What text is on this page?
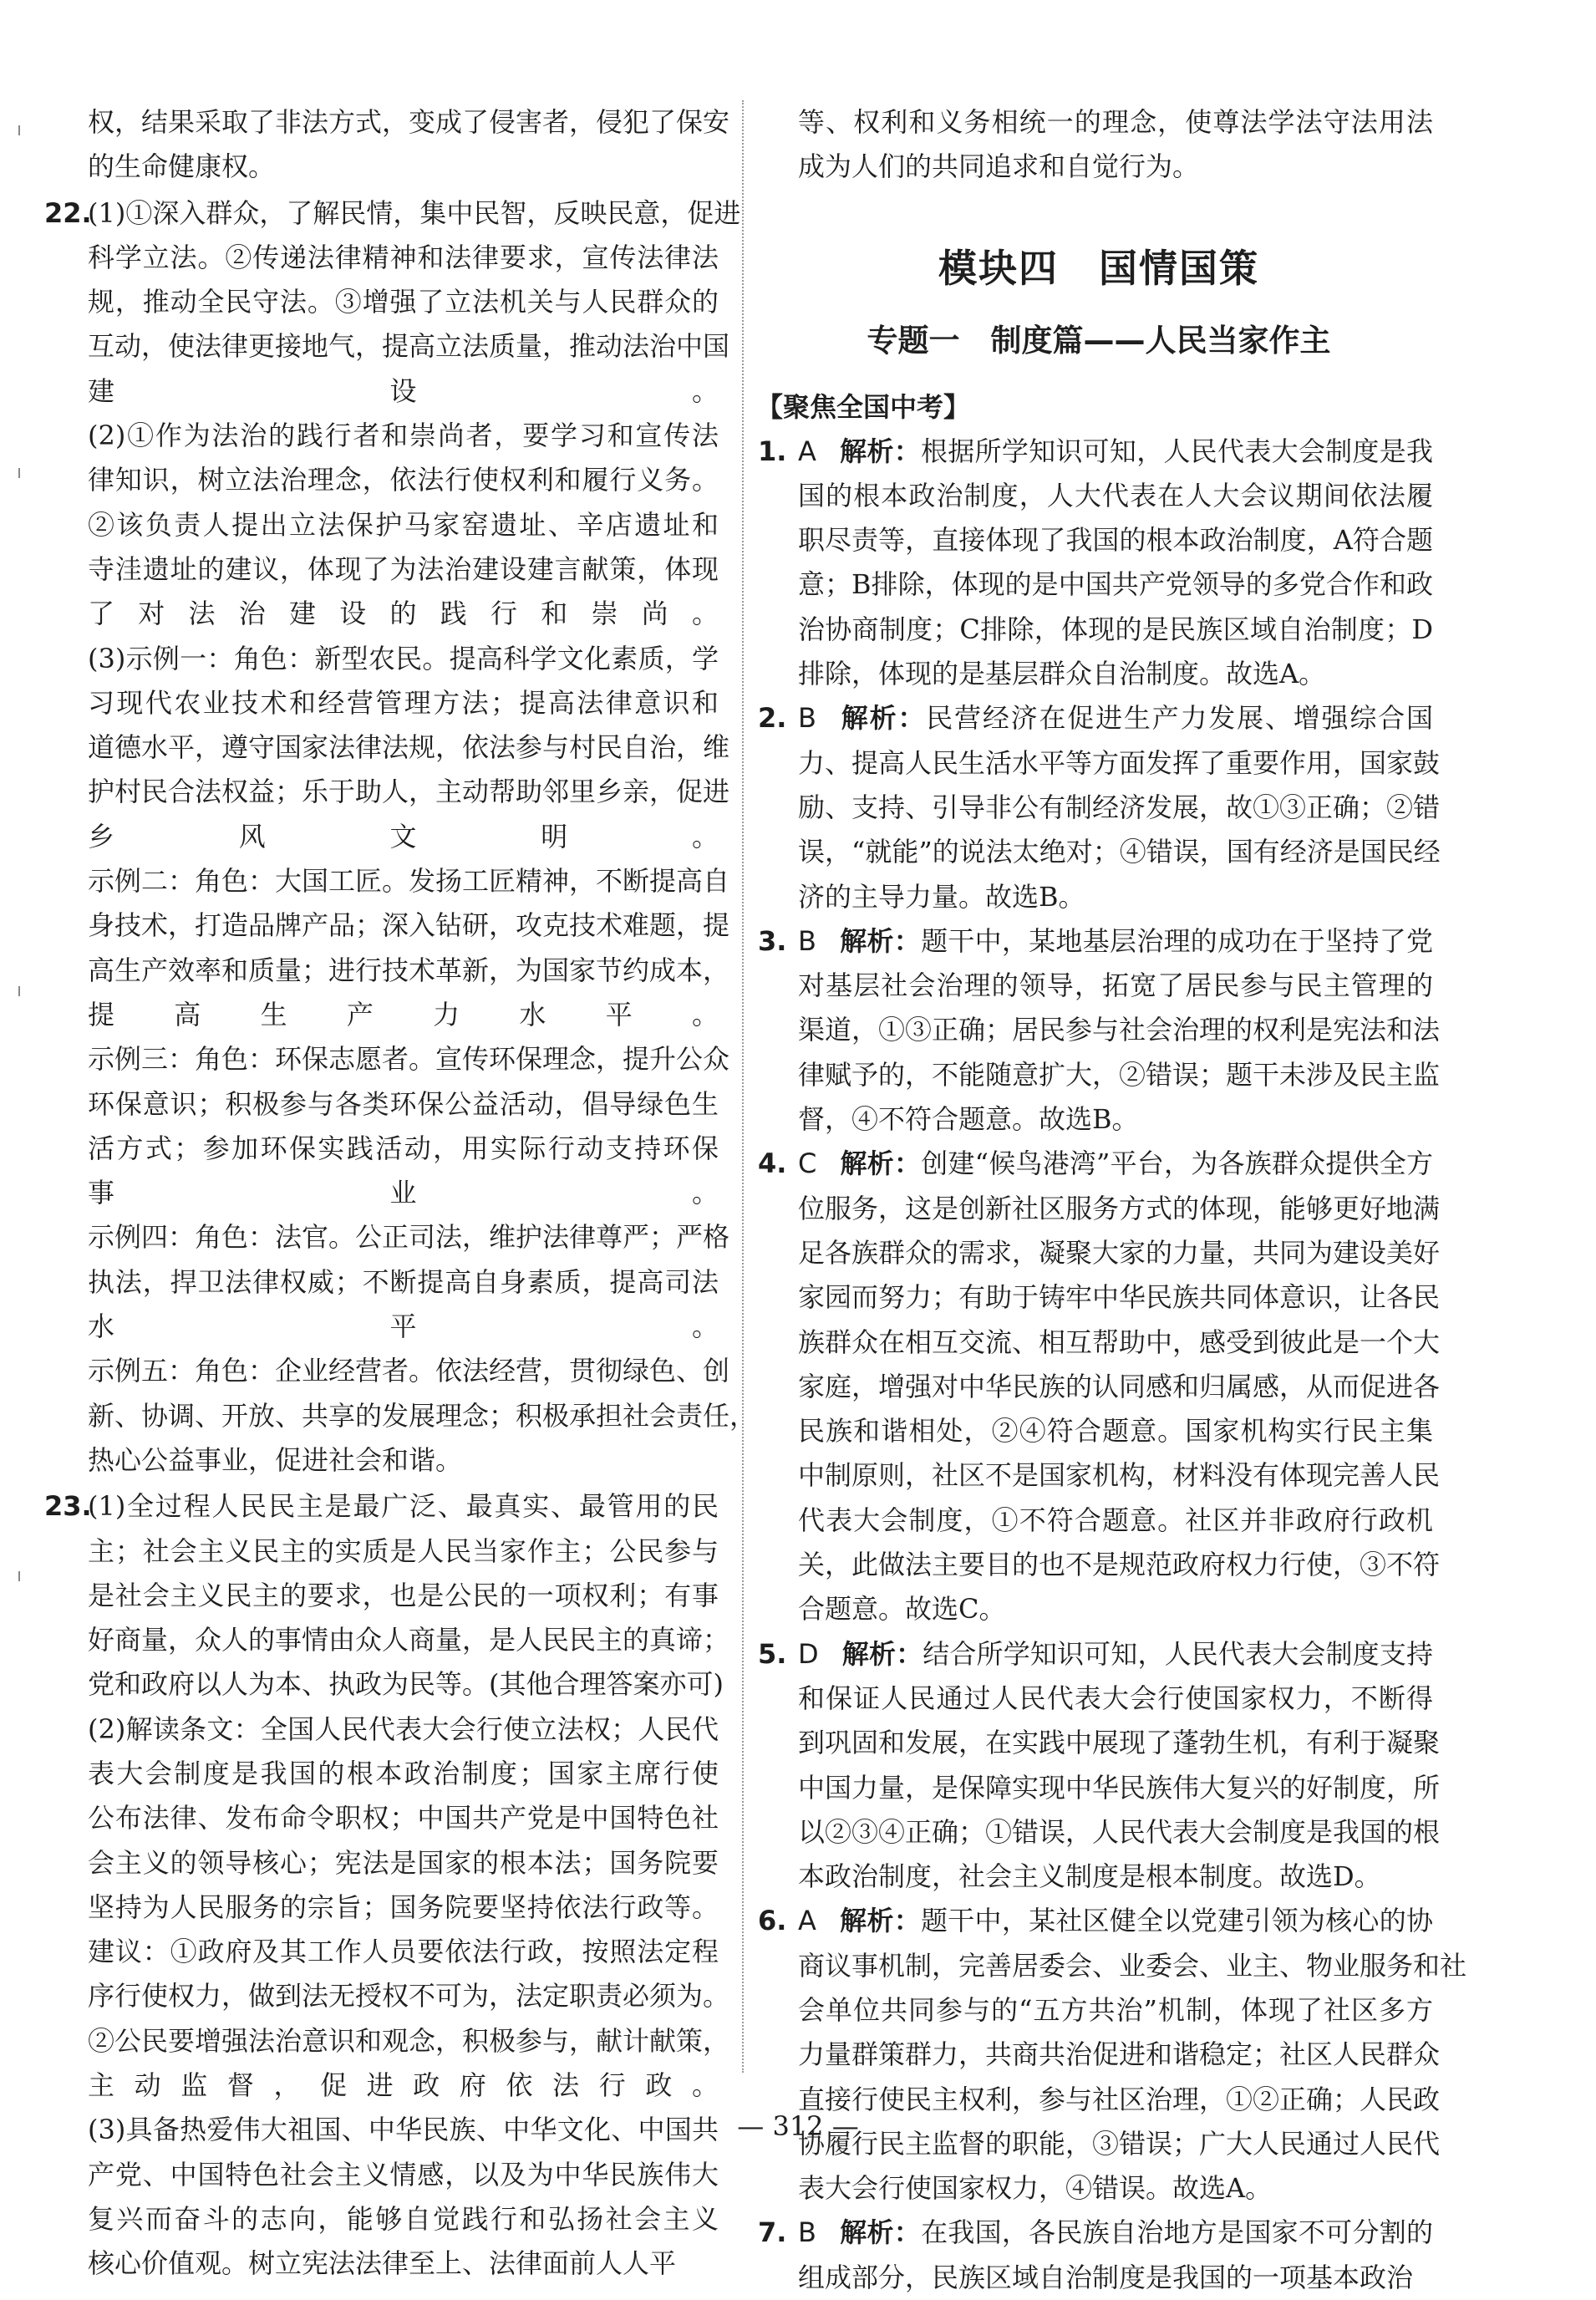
权，结果采取了非法方式，变成了侵害者，侵犯了保安

的生命健康权。

22.

(1)①深入群众，了解民情，集中民智，反映民意，促进

科学立法。②传递法律精神和法律要求，宣传法律法

规，推动全民守法。③增强了立法机关与人民群众的

互动，使法律更接地气，提高立法质量，推动法治中国

建设。

(2)①作为法治的践行者和崇尚者，要学习和宣传法

律知识，树立法治理念，依法行使权利和履行义务。

②该负责人提出立法保护马家窑遗址、辛店遗址和

寺洼遗址的建议，体现了为法治建设建言献策，体现

了对法治建设的践行和崇尚。

(3)示例一：角色：新型农民。提高科学文化素质，学

习现代农业技术和经营管理方法；提高法律意识和

道德水平，遵守国家法律法规，依法参与村民自治，维

护村民合法权益；乐于助人，主动帮助邻里乡亲，促进

乡风文明。

示例二：角色：大国工匠。发扬工匠精神，不断提高自

身技术，打造品牌产品；深入钻研，攻克技术难题，提

高生产效率和质量；进行技术革新，为国家节约成本，

提高生产力水平。

示例三：角色：环保志愿者。宣传环保理念，提升公众

环保意识；积极参与各类环保公益活动，倡导绿色生

活方式；参加环保实践活动，用实际行动支持环保

事业。

示例四：角色：法官。公正司法，维护法律尊严；严格

执法，捍卫法律权威；不断提高自身素质，提高司法

水平。

示例五：角色：企业经营者。依法经营，贯彻绿色、创

新、协调、开放、共享的发展理念；积极承担社会责任，

热心公益事业，促进社会和谐。

23.

(1)全过程人民民主是最广泛、最真实、最管用的民

主；社会主义民主的实质是人民当家作主；公民参与

是社会主义民主的要求，也是公民的一项权利；有事

好商量，众人的事情由众人商量，是人民民主的真谛；

党和政府以人为本、执政为民等。(其他合理答案亦可)

(2)解读条文：全国人民代表大会行使立法权；人民代

表大会制度是我国的根本政治制度；国家主席行使

公布法律、发布命令职权；中国共产党是中国特色社

会主义的领导核心；宪法是国家的根本法；国务院要

坚持为人民服务的宗旨；国务院要坚持依法行政等。

建议：①政府及其工作人员要依法行政，按照法定程

序行使权力，做到法无授权不可为，法定职责必须为。

②公民要增强法治意识和观念，积极参与，献计献策，

主动监督，促进政府依法行政。

(3)具备热爱伟大祖国、中华民族、中华文化、中国共

产党、中国特色社会主义情感，以及为中华民族伟大

复兴而奋斗的志向，能够自觉践行和弘扬社会主义

核心价值观。树立宪法法律至上、法律面前人人平

等、权利和义务相统一的理念，使尊法学法守法用法

成为人们的共同追求和自觉行为。

模块四　国情国策
专题一　制度篇——人民当家作主
【聚焦全国中考】
1. A 解析：根据所学知识可知，人民代表大会制度是我

国的根本政治制度，人大代表在人大会议期间依法履

职尽责等，直接体现了我国的根本政治制度，A符合题

意；B排除，体现的是中国共产党领导的多党合作和政

治协商制度；C排除，体现的是民族区域自治制度；D

排除，体现的是基层群众自治制度。故选A。

2. B 解析：民营经济在促进生产力发展、增强综合国

力、提高人民生活水平等方面发挥了重要作用，国家鼓

励、支持、引导非公有制经济发展，故①③正确；②错

误，“就能”的说法太绝对；④错误，国有经济是国民经

济的主导力量。故选B。

3. B 解析：题干中，某地基层治理的成功在于坚持了党

对基层社会治理的领导，拓宽了居民参与民主管理的

渠道，①③正确；居民参与社会治理的权利是宪法和法

律赋予的，不能随意扩大，②错误；题干未涉及民主监

督，④不符合题意。故选B。

4. C 解析：创建“候鸟港湾”平台，为各族群众提供全方

位服务，这是创新社区服务方式的体现，能够更好地满

足各族群众的需求，凝聚大家的力量，共同为建设美好

家园而努力；有助于铸牢中华民族共同体意识，让各民

族群众在相互交流、相互帮助中，感受到彼此是一个大

家庭，增强对中华民族的认同感和归属感，从而促进各

民族和谐相处，②④符合题意。国家机构实行民主集

中制原则，社区不是国家机构，材料没有体现完善人民

代表大会制度，①不符合题意。社区并非政府行政机

关，此做法主要目的也不是规范政府权力行使，③不符

合题意。故选C。

5. D 解析：结合所学知识可知，人民代表大会制度支持

和保证人民通过人民代表大会行使国家权力，不断得

到巩固和发展，在实践中展现了蓬勃生机，有利于凝聚

中国力量，是保障实现中华民族伟大复兴的好制度，所

以②③④正确；①错误，人民代表大会制度是我国的根

本政治制度，社会主义制度是根本制度。故选D。

6. A 解析：题干中，某社区健全以党建引领为核心的协

商议事机制，完善居委会、业委会、业主、物业服务和社

会单位共同参与的“五方共治”机制，体现了社区多方

力量群策群力，共商共治促进和谐稳定；社区人民群众

直接行使民主权利，参与社区治理，①②正确；人民政

协履行民主监督的职能，③错误；广大人民通过人民代

表大会行使国家权力，④错误。故选A。

7. B 解析：在我国，各民族自治地方是国家不可分割的

组成部分，民族区域自治制度是我国的一项基本政治

— 312 —
